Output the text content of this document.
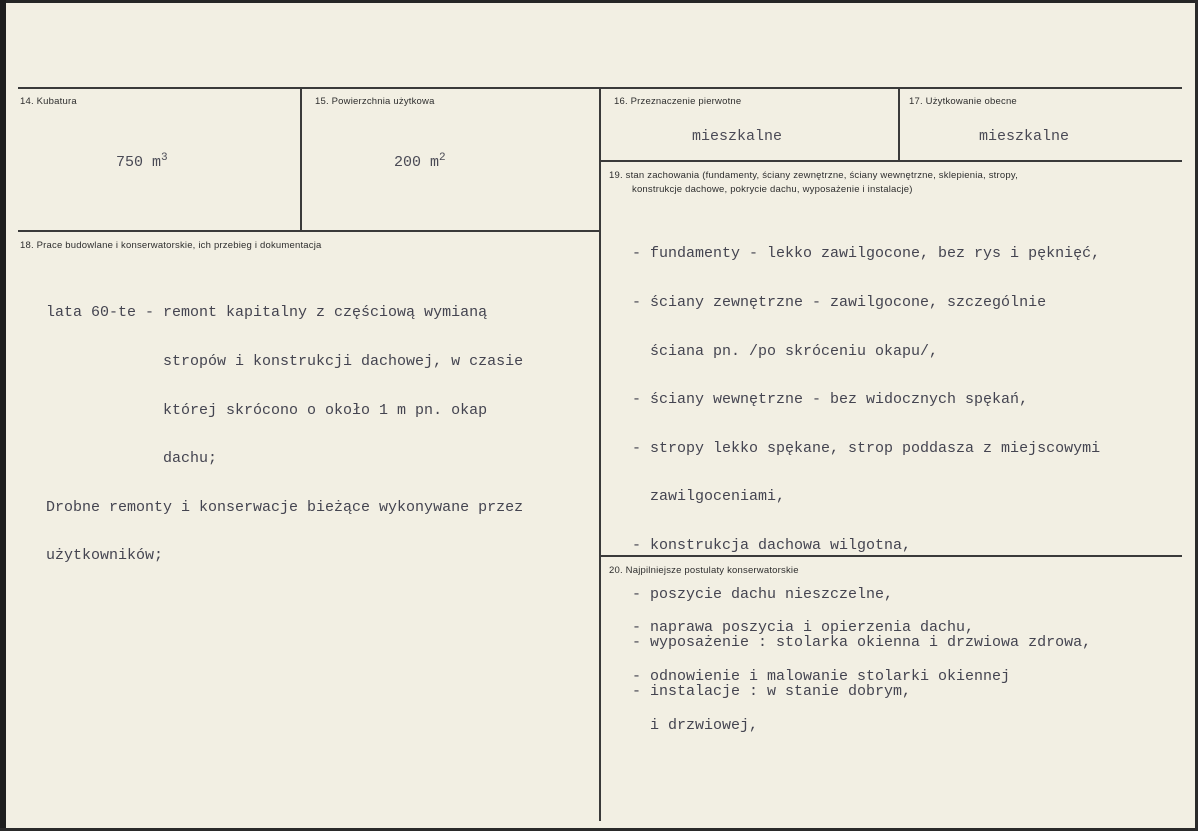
14. Kubatura
750 $m^3$
15. Powierzchnia użytkowa
200 $m^2$
16. Przeznaczenie pierwotne
mieszkalne
17. Użytkowanie obecne
mieszkalne
19. stan zachowania (fundamenty, ściany zewnętrzne, ściany wewnętrzne, sklepienia, stropy,
konstrukcje dachowe, pokrycie dachu, wyposażenie i instalacje)

- fundamenty - lekko zawilgocone, bez rys i pęknięć,

- ściany zewnętrzne - zawilgocone, szczególnie

ściana pn. /po skróceniu okapu/,

- ściany wewnętrzne - bez widocznych spękań,

- stropy lekko spękane, strop poddasza z miejscowymi

zawilgoceniami,

- konstrukcja dachowa wilgotna,

- poszycie dachu nieszczelne,

- wyposażenie : stolarka okienna i drzwiowa zdrowa,

- instalacje : w stanie dobrym,

18. Prace budowlane i konserwatorskie, ich przebieg i dokumentacja

lata 60-te - remont kapitalny z częściową wymianą

stropów i konstrukcji dachowej, w czasie

której skrócono o około 1 m pn. okap

dachu;

Drobne remonty i konserwacje bieżące wykonywane przez

użytkowników;

20. Najpilniejsze postulaty konserwatorskie

- naprawa poszycia i opierzenia dachu,

- odnowienie i malowanie stolarki okiennej

i drzwiowej,
